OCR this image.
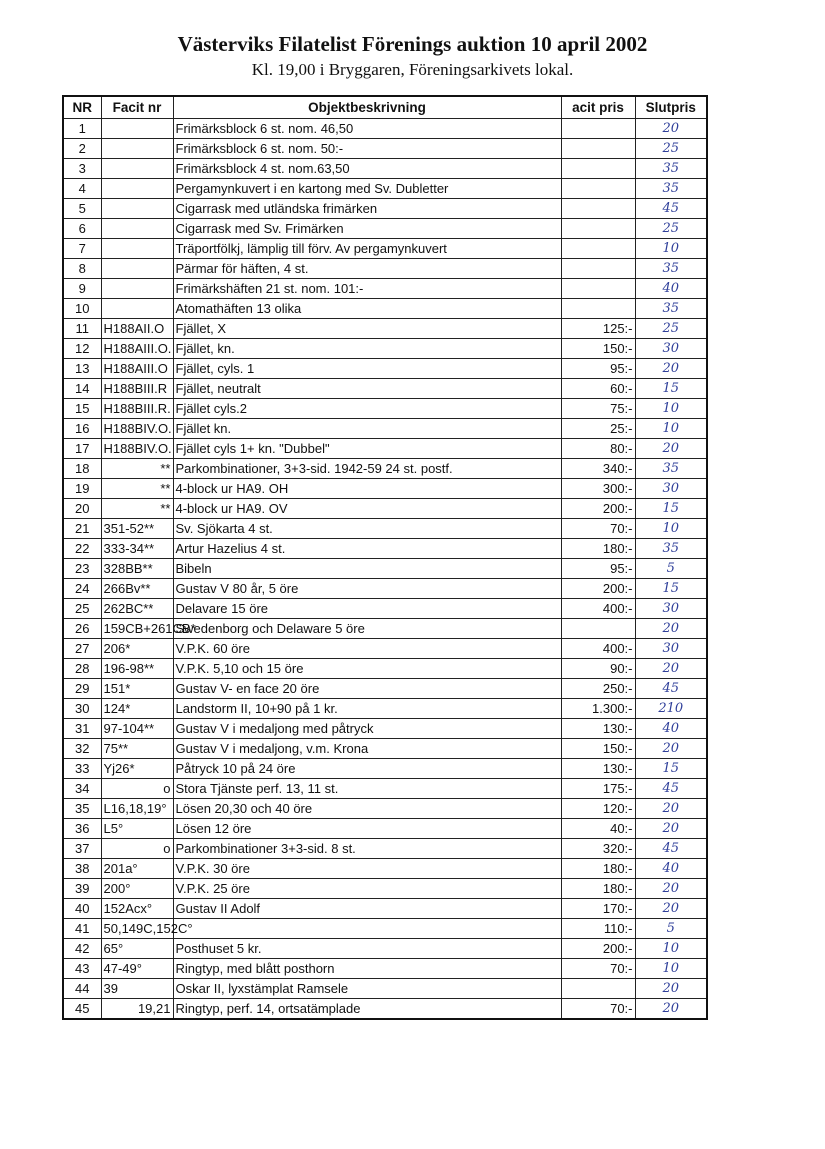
Västerviks Filatelist Förenings auktion 10 april 2002
Kl. 19,00 i Bryggaren, Föreningsarkivets lokal.
NR	Facit nr	Objektbeskrivning	acit pris	Slutpris
1		Frimärksblock 6 st. nom. 46,50		20
2		Frimärksblock 6 st. nom. 50:-		25
3		Frimärksblock 4 st. nom.63,50		35
4		Pergamynkuvert i en kartong med Sv. Dubletter		35
5		Cigarrask med utländska frimärken		45
6		Cigarrask med Sv. Frimärken		25
7		Träportfölkj, lämplig till förv. Av pergamynkuvert		10
8		Pärmar för häften, 4 st.		35
9		Frimärkshäften 21 st. nom. 101:-		40
10		Atomathäften 13 olika		35
11	H188AII.O	Fjället, X	125:-	25
12	H188AIII.O.	Fjället, kn.	150:-	30
13	H188AIII.O	Fjället, cyls. 1	95:-	20
14	H188BIII.R	Fjället, neutralt	60:-	15
15	H188BIII.R.	Fjället cyls.2	75:-	10
16	H188BIV.O.	Fjället kn.	25:-	10
17	H188BIV.O.	Fjället cyls 1+ kn. "Dubbel"	80:-	20
18	**	Parkombinationer, 3+3-sid. 1942-59 24 st. postf.	340:-	35
19	**	4-block ur HA9. OH	300:-	30
20	**	4-block ur HA9. OV	200:-	15
21	351-52**	Sv. Sjökarta 4 st.	70:-	10
22	333-34**	Artur Hazelius 4 st.	180:-	35
23	328BB**	Bibeln	95:-	5
24	266Bv**	Gustav V 80 år, 5 öre	200:-	15
25	262BC**	Delavare 15 öre	400:-	30
26	159CB+261CB*	Swedenborg och Delaware 5 öre		20
27	206*	V.P.K. 60 öre	400:-	30
28	196-98**	V.P.K. 5,10 och 15 öre	90:-	20
29	151*	Gustav V- en face 20 öre	250:-	45
30	124*	Landstorm II, 10+90 på 1 kr.	1.300:-	210
31	97-104**	Gustav V i medaljong med påtryck	130:-	40
32	75**	Gustav V i medaljong, v.m. Krona	150:-	20
33	Yj26*	Påtryck 10 på 24 öre	130:-	15
34	o	Stora Tjänste perf. 13, 11 st.	175:-	45
35	L16,18,19°	Lösen 20,30 och 40 öre	120:-	20
36	L5°	Lösen 12 öre	40:-	20
37	o	Parkombinationer 3+3-sid. 8 st.	320:-	45
38	201a°	V.P.K. 30 öre	180:-	40
39	200°	V.P.K. 25 öre	180:-	20
40	152Acx°	Gustav II Adolf	170:-	20
41	50,149C,152C°		110:-	5
42	65°	Posthuset 5 kr.	200:-	10
43	47-49°	Ringtyp, med blått posthorn	70:-	10
44	39	Oskar II, lyxstämplat Ramsele		20
45	19,21	Ringtyp, perf. 14, ortsatämplade	70:-	20
